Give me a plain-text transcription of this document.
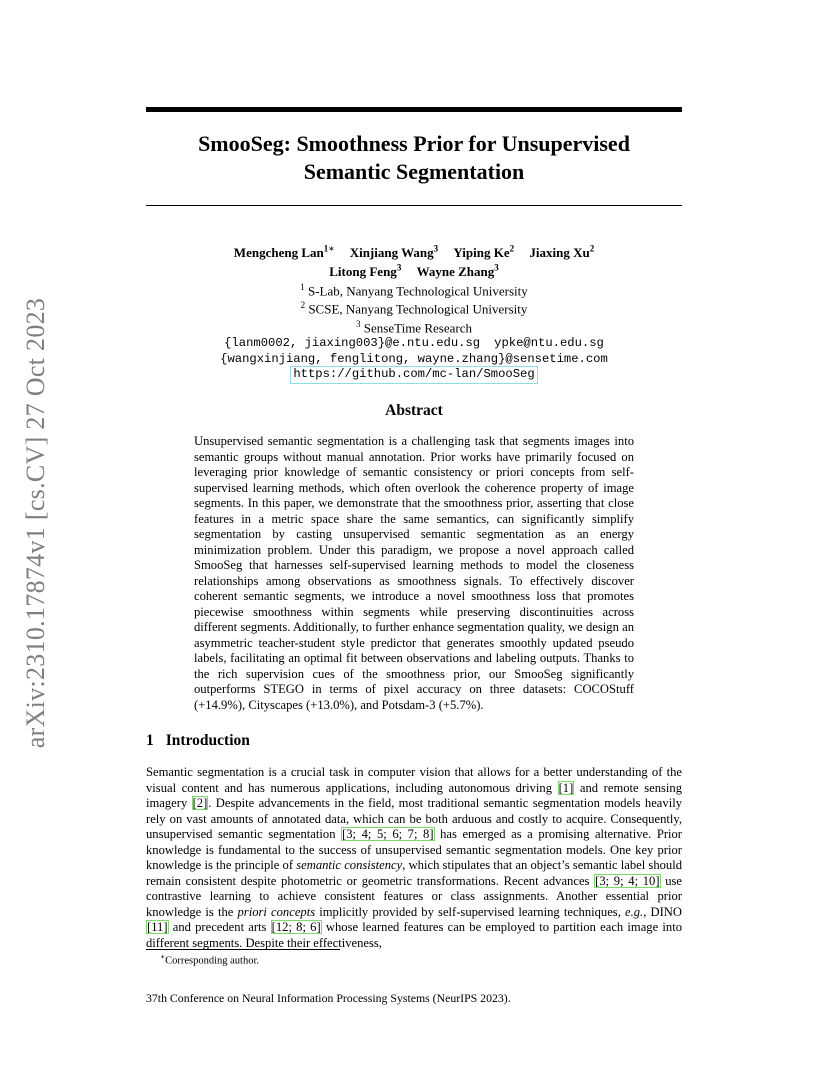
arXiv:2310.17874v1 [cs.CV] 27 Oct 2023
SmooSeg: Smoothness Prior for Unsupervised
Semantic Segmentation
Mengcheng Lan$^{1∗}$ Xinjiang Wang$^3$ Yiping Ke$^2$ Jiaxing Xu$^2$
Litong Feng$^3$ Wayne Zhang$^3$
$^1$ S-Lab, Nanyang Technological University
$^2$ SCSE, Nanyang Technological University
$^3$ SenseTime Research
{lanm0002, jiaxing003}@e.ntu.edu.sg ypke@ntu.edu.sg
{wangxinjiang, fenglitong, wayne.zhang}@sensetime.com
https://github.com/mc-lan/SmooSeg
Abstract
Unsupervised semantic segmentation is a challenging task that segments images into semantic groups without manual annotation. Prior works have primarily focused on leveraging prior knowledge of semantic consistency or priori concepts from self-supervised learning methods, which often overlook the coherence property of image segments. In this paper, we demonstrate that the smoothness prior, asserting that close features in a metric space share the same semantics, can significantly simplify segmentation by casting unsupervised semantic segmentation as an energy minimization problem. Under this paradigm, we propose a novel approach called SmooSeg that harnesses self-supervised learning methods to model the closeness relationships among observations as smoothness signals. To effectively discover coherent semantic segments, we introduce a novel smoothness loss that promotes piecewise smoothness within segments while preserving discontinuities across different segments. Additionally, to further enhance segmentation quality, we design an asymmetric teacher-student style predictor that generates smoothly updated pseudo labels, facilitating an optimal fit between observations and labeling outputs. Thanks to the rich supervision cues of the smoothness prior, our SmooSeg significantly outperforms STEGO in terms of pixel accuracy on three datasets: COCOStuff (+14.9%), Cityscapes (+13.0%), and Potsdam-3 (+5.7%).
1 Introduction
Semantic segmentation is a crucial task in computer vision that allows for a better understanding of the visual content and has numerous applications, including autonomous driving [1] and remote sensing imagery [2]. Despite advancements in the field, most traditional semantic segmentation models heavily rely on vast amounts of annotated data, which can be both arduous and costly to acquire. Consequently, unsupervised semantic segmentation [3; 4; 5; 6; 7; 8] has emerged as a promising alternative. Prior knowledge is fundamental to the success of unsupervised semantic segmentation models. One key prior knowledge is the principle of semantic consistency, which stipulates that an object’s semantic label should remain consistent despite photometric or geometric transformations. Recent advances [3; 9; 4; 10] use contrastive learning to achieve consistent features or class assignments. Another essential prior knowledge is the priori concepts implicitly provided by self-supervised learning techniques, e.g., DINO [11] and precedent arts [12; 8; 6] whose learned features can be employed to partition each image into different segments. Despite their effectiveness,
∗Corresponding author.
37th Conference on Neural Information Processing Systems (NeurIPS 2023).
